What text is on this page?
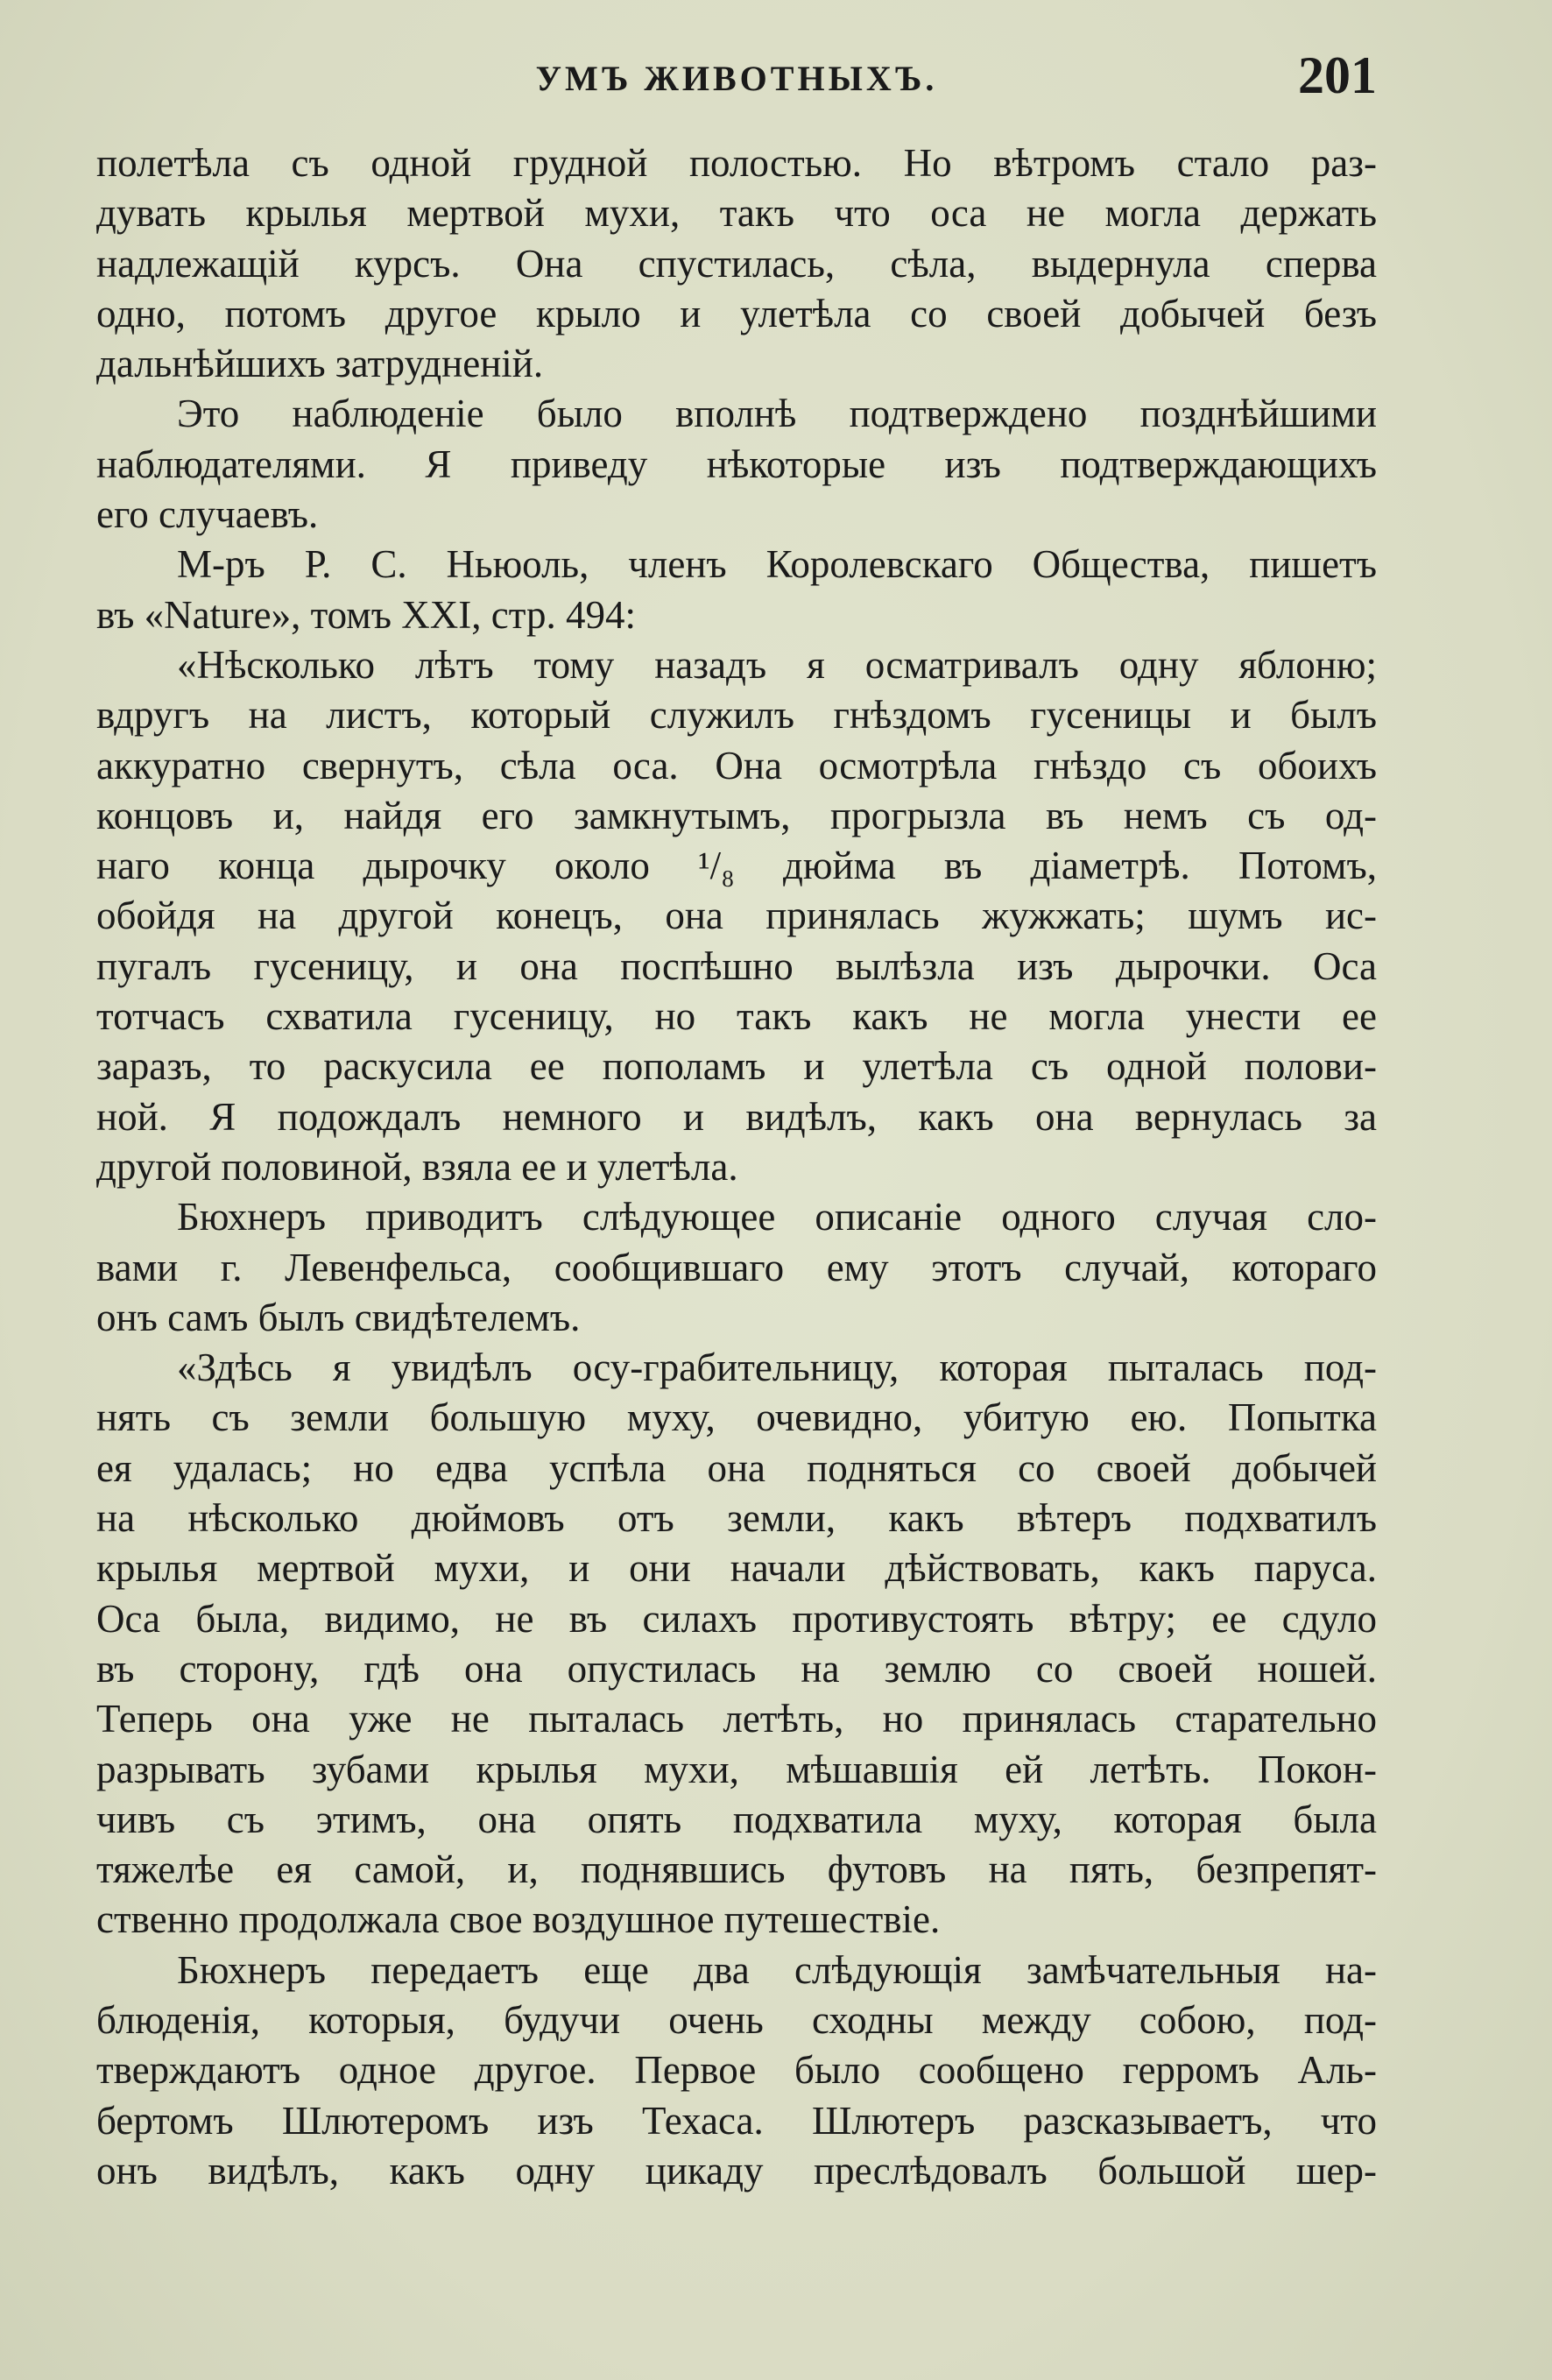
УМЪ ЖИВОТНЫХЪ.	201
полетѣла съ одной грудной полостью. Но вѣтромъ стало раз-
дувать крылья мертвой мухи, такъ что оса не могла держать
надлежащій курсъ. Она спустилась, сѣла, выдернула сперва
одно, потомъ другое крыло и улетѣла со своей добычей безъ
дальнѣйшихъ затрудненій.
Это наблюденіе было вполнѣ подтверждено позднѣйшими
наблюдателями. Я приведу нѣкоторые изъ подтверждающихъ
его случаевъ.
М-ръ Р. С. Ньюоль, членъ Королевскаго Общества, пишетъ
въ «Nature», томъ XXI, стр. 494:
«Нѣсколько лѣтъ тому назадъ я осматривалъ одну яблоню;
вдругъ на листъ, который служилъ гнѣздомъ гусеницы и былъ
аккуратно свернутъ, сѣла оса. Она осмотрѣла гнѣздо съ обоихъ
концовъ и, найдя его замкнутымъ, прогрызла въ немъ съ од-
наго конца дырочку около ¹/₈ дюйма въ діаметрѣ. Потомъ,
обойдя на другой конецъ, она принялась жужжать; шумъ ис-
пугалъ гусеницу, и она поспѣшно вылѣзла изъ дырочки. Оса
тотчасъ схватила гусеницу, но такъ какъ не могла унести ее
заразъ, то раскусила ее пополамъ и улетѣла съ одной полови-
ной. Я подождалъ немного и видѣлъ, какъ она вернулась за
другой половиной, взяла ее и улетѣла.
Бюхнеръ приводитъ слѣдующее описаніе одного случая сло-
вами г. Левенфельса, сообщившаго ему этотъ случай, котораго
онъ самъ былъ свидѣтелемъ.
«Здѣсь я увидѣлъ осу-грабительницу, которая пыталась под-
нять съ земли большую муху, очевидно, убитую ею. Попытка
ея удалась; но едва успѣла она подняться со своей добычей
на нѣсколько дюймовъ отъ земли, какъ вѣтеръ подхватилъ
крылья мертвой мухи, и они начали дѣйствовать, какъ паруса.
Оса была, видимо, не въ силахъ противустоять вѣтру; ее сдуло
въ сторону, гдѣ она опустилась на землю со своей ношей.
Теперь она уже не пыталась летѣть, но принялась старательно
разрывать зубами крылья мухи, мѣшавшія ей летѣть. Покон-
чивъ съ этимъ, она опять подхватила муху, которая была
тяжелѣе ея самой, и, поднявшись футовъ на пять, безпрепят-
ственно продолжала свое воздушное путешествіе.
Бюхнеръ передаетъ еще два слѣдующія замѣчательныя на-
блюденія, которыя, будучи очень сходны между собою, под-
тверждаютъ одное другое. Первое было сообщено герромъ Аль-
бертомъ Шлютеромъ изъ Техаса. Шлютеръ разсказываетъ, что
онъ видѣлъ, какъ одну цикаду преслѣдовалъ большой шер-
